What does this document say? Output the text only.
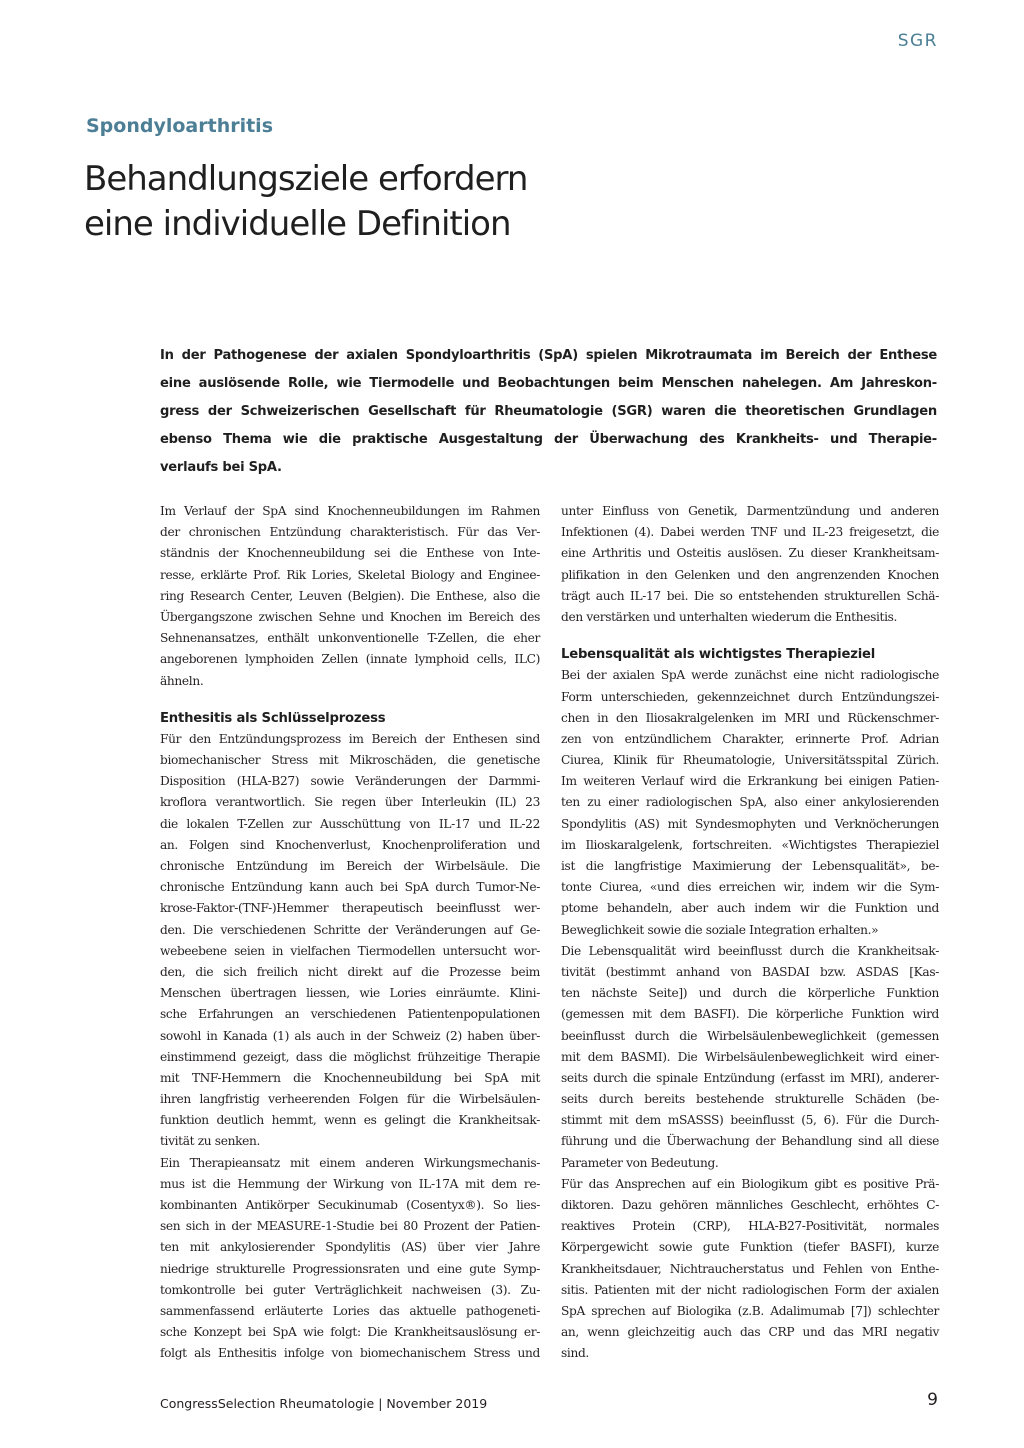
SGR
Spondyloarthritis
Behandlungsziele erfordern
eine individuelle Definition
In der Pathogenese der axialen Spondyloarthritis (SpA) spielen Mikrotraumata im Bereich der Enthese
eine auslösende Rolle, wie Tiermodelle und Beobachtungen beim Menschen nahelegen. Am Jahreskon-
gress der Schweizerischen Gesellschaft für Rheumatologie (SGR) waren die theoretischen Grundlagen
ebenso Thema wie die praktische Ausgestaltung der Überwachung des Krankheits- und Therapie-
verlaufs bei SpA.
Im Verlauf der SpA sind Knochenneubildungen im Rahmen
der chronischen Entzündung charakteristisch. Für das Ver-
ständnis der Knochenneubildung sei die Enthese von Inte-
resse, erklärte Prof. Rik Lories, Skeletal Biology and Enginee-
ring Research Center, Leuven (Belgien). Die Enthese, also die
Übergangszone zwischen Sehne und Knochen im Bereich des
Sehnenansatzes, enthält unkonventionelle T-Zellen, die eher
angeborenen lymphoiden Zellen (innate lymphoid cells, ILC)
ähneln.
Enthesitis als Schlüsselprozess
Für den Entzündungsprozess im Bereich der Enthesen sind
biomechanischer Stress mit Mikroschäden, die genetische
Disposition (HLA-B27) sowie Veränderungen der Darmmi-
kroflora verantwortlich. Sie regen über Interleukin (IL) 23
die lokalen T-Zellen zur Ausschüttung von IL-17 und IL-22
an. Folgen sind Knochenverlust, Knochenproliferation und
chronische Entzündung im Bereich der Wirbelsäule. Die
chronische Entzündung kann auch bei SpA durch Tumor-Ne-
krose-Faktor-(TNF-)Hemmer therapeutisch beeinflusst wer-
den. Die verschiedenen Schritte der Veränderungen auf Ge-
webeebene seien in vielfachen Tiermodellen untersucht wor-
den, die sich freilich nicht direkt auf die Prozesse beim
Menschen übertragen liessen, wie Lories einräumte. Klini-
sche Erfahrungen an verschiedenen Patientenpopulationen
sowohl in Kanada (1) als auch in der Schweiz (2) haben über-
einstimmend gezeigt, dass die möglichst frühzeitige Therapie
mit TNF-Hemmern die Knochenneubildung bei SpA mit
ihren langfristig verheerenden Folgen für die Wirbelsäulen-
funktion deutlich hemmt, wenn es gelingt die Krankheitsak-
tivität zu senken.
Ein Therapieansatz mit einem anderen Wirkungsmechanis-
mus ist die Hemmung der Wirkung von IL-17A mit dem re-
kombinanten Antikörper Secukinumab (Cosentyx®). So lies-
sen sich in der MEASURE-1-Studie bei 80 Prozent der Patien-
ten mit ankylosierender Spondylitis (AS) über vier Jahre
niedrige strukturelle Progressionsraten und eine gute Symp-
tomkontrolle bei guter Verträglichkeit nachweisen (3). Zu-
sammenfassend erläuterte Lories das aktuelle pathogeneti-
sche Konzept bei SpA wie folgt: Die Krankheitsauslösung er-
folgt als Enthesitis infolge von biomechanischem Stress und
unter Einfluss von Genetik, Darmentzündung und anderen
Infektionen (4). Dabei werden TNF und IL-23 freigesetzt, die
eine Arthritis und Osteitis auslösen. Zu dieser Krankheitsam-
plifikation in den Gelenken und den angrenzenden Knochen
trägt auch IL-17 bei. Die so entstehenden strukturellen Schä-
den verstärken und unterhalten wiederum die Enthesitis.
Lebensqualität als wichtigstes Therapieziel
Bei der axialen SpA werde zunächst eine nicht radiologische
Form unterschieden, gekennzeichnet durch Entzündungszei-
chen in den Iliosakralgelenken im MRI und Rückenschmer-
zen von entzündlichem Charakter, erinnerte Prof. Adrian
Ciurea, Klinik für Rheumatologie, Universitätsspital Zürich.
Im weiteren Verlauf wird die Erkrankung bei einigen Patien-
ten zu einer radiologischen SpA, also einer ankylosierenden
Spondylitis (AS) mit Syndesmophyten und Verknöcherungen
im Ilioskaralgelenk, fortschreiten. «Wichtigstes Therapieziel
ist die langfristige Maximierung der Lebensqualität», be-
tonte Ciurea, «und dies erreichen wir, indem wir die Sym-
ptome behandeln, aber auch indem wir die Funktion und
Beweglichkeit sowie die soziale Integration erhalten.»
Die Lebensqualität wird beeinflusst durch die Krankheitsak-
tivität (bestimmt anhand von BASDAI bzw. ASDAS [Kas-
ten nächste Seite]) und durch die körperliche Funktion
(gemessen mit dem BASFI). Die körperliche Funktion wird
beeinflusst durch die Wirbelsäulenbeweglichkeit (gemessen
mit dem BASMI). Die Wirbelsäulenbeweglichkeit wird einer-
seits durch die spinale Entzündung (erfasst im MRI), anderer-
seits durch bereits bestehende strukturelle Schäden (be-
stimmt mit dem mSASSS) beeinflusst (5, 6). Für die Durch-
führung und die Überwachung der Behandlung sind all diese
Parameter von Bedeutung.
Für das Ansprechen auf ein Biologikum gibt es positive Prä-
diktoren. Dazu gehören männliches Geschlecht, erhöhtes C-
reaktives Protein (CRP), HLA-B27-Positivität, normales
Körpergewicht sowie gute Funktion (tiefer BASFI), kurze
Krankheitsdauer, Nichtraucherstatus und Fehlen von Enthe-
sitis. Patienten mit der nicht radiologischen Form der axialen
SpA sprechen auf Biologika (z.B. Adalimumab [7]) schlechter
an, wenn gleichzeitig auch das CRP und das MRI negativ
sind.
CongressSelection Rheumatologie | November 2019	9
